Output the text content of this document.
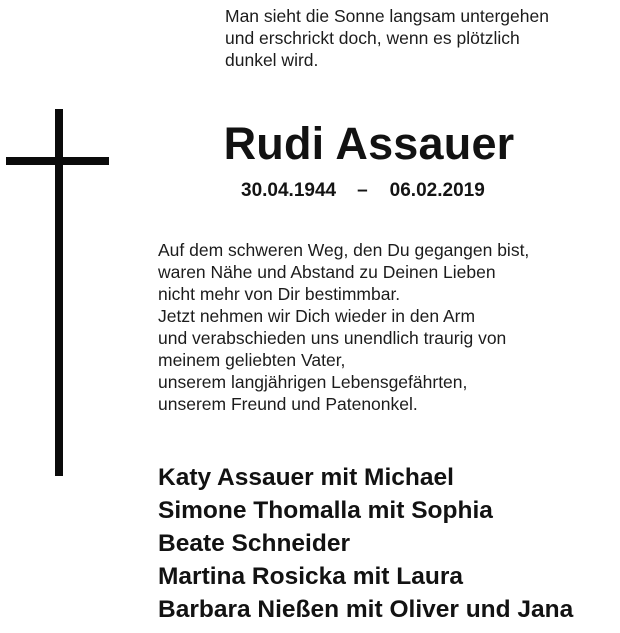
Man sieht die Sonne langsam untergehen
und erschrickt doch, wenn es plötzlich
dunkel wird.
Rudi Assauer
30.04.1944 – 06.02.2019
Auf dem schweren Weg, den Du gegangen bist,
waren Nähe und Abstand zu Deinen Lieben
nicht mehr von Dir bestimmbar.
Jetzt nehmen wir Dich wieder in den Arm
und verabschieden uns unendlich traurig von
meinem geliebten Vater,
unserem langjährigen Lebensgefährten,
unserem Freund und Patenonkel.
Katy Assauer mit Michael
Simone Thomalla mit Sophia
Beate Schneider
Martina Rosicka mit Laura
Barbara Nießen mit Oliver und Jana
